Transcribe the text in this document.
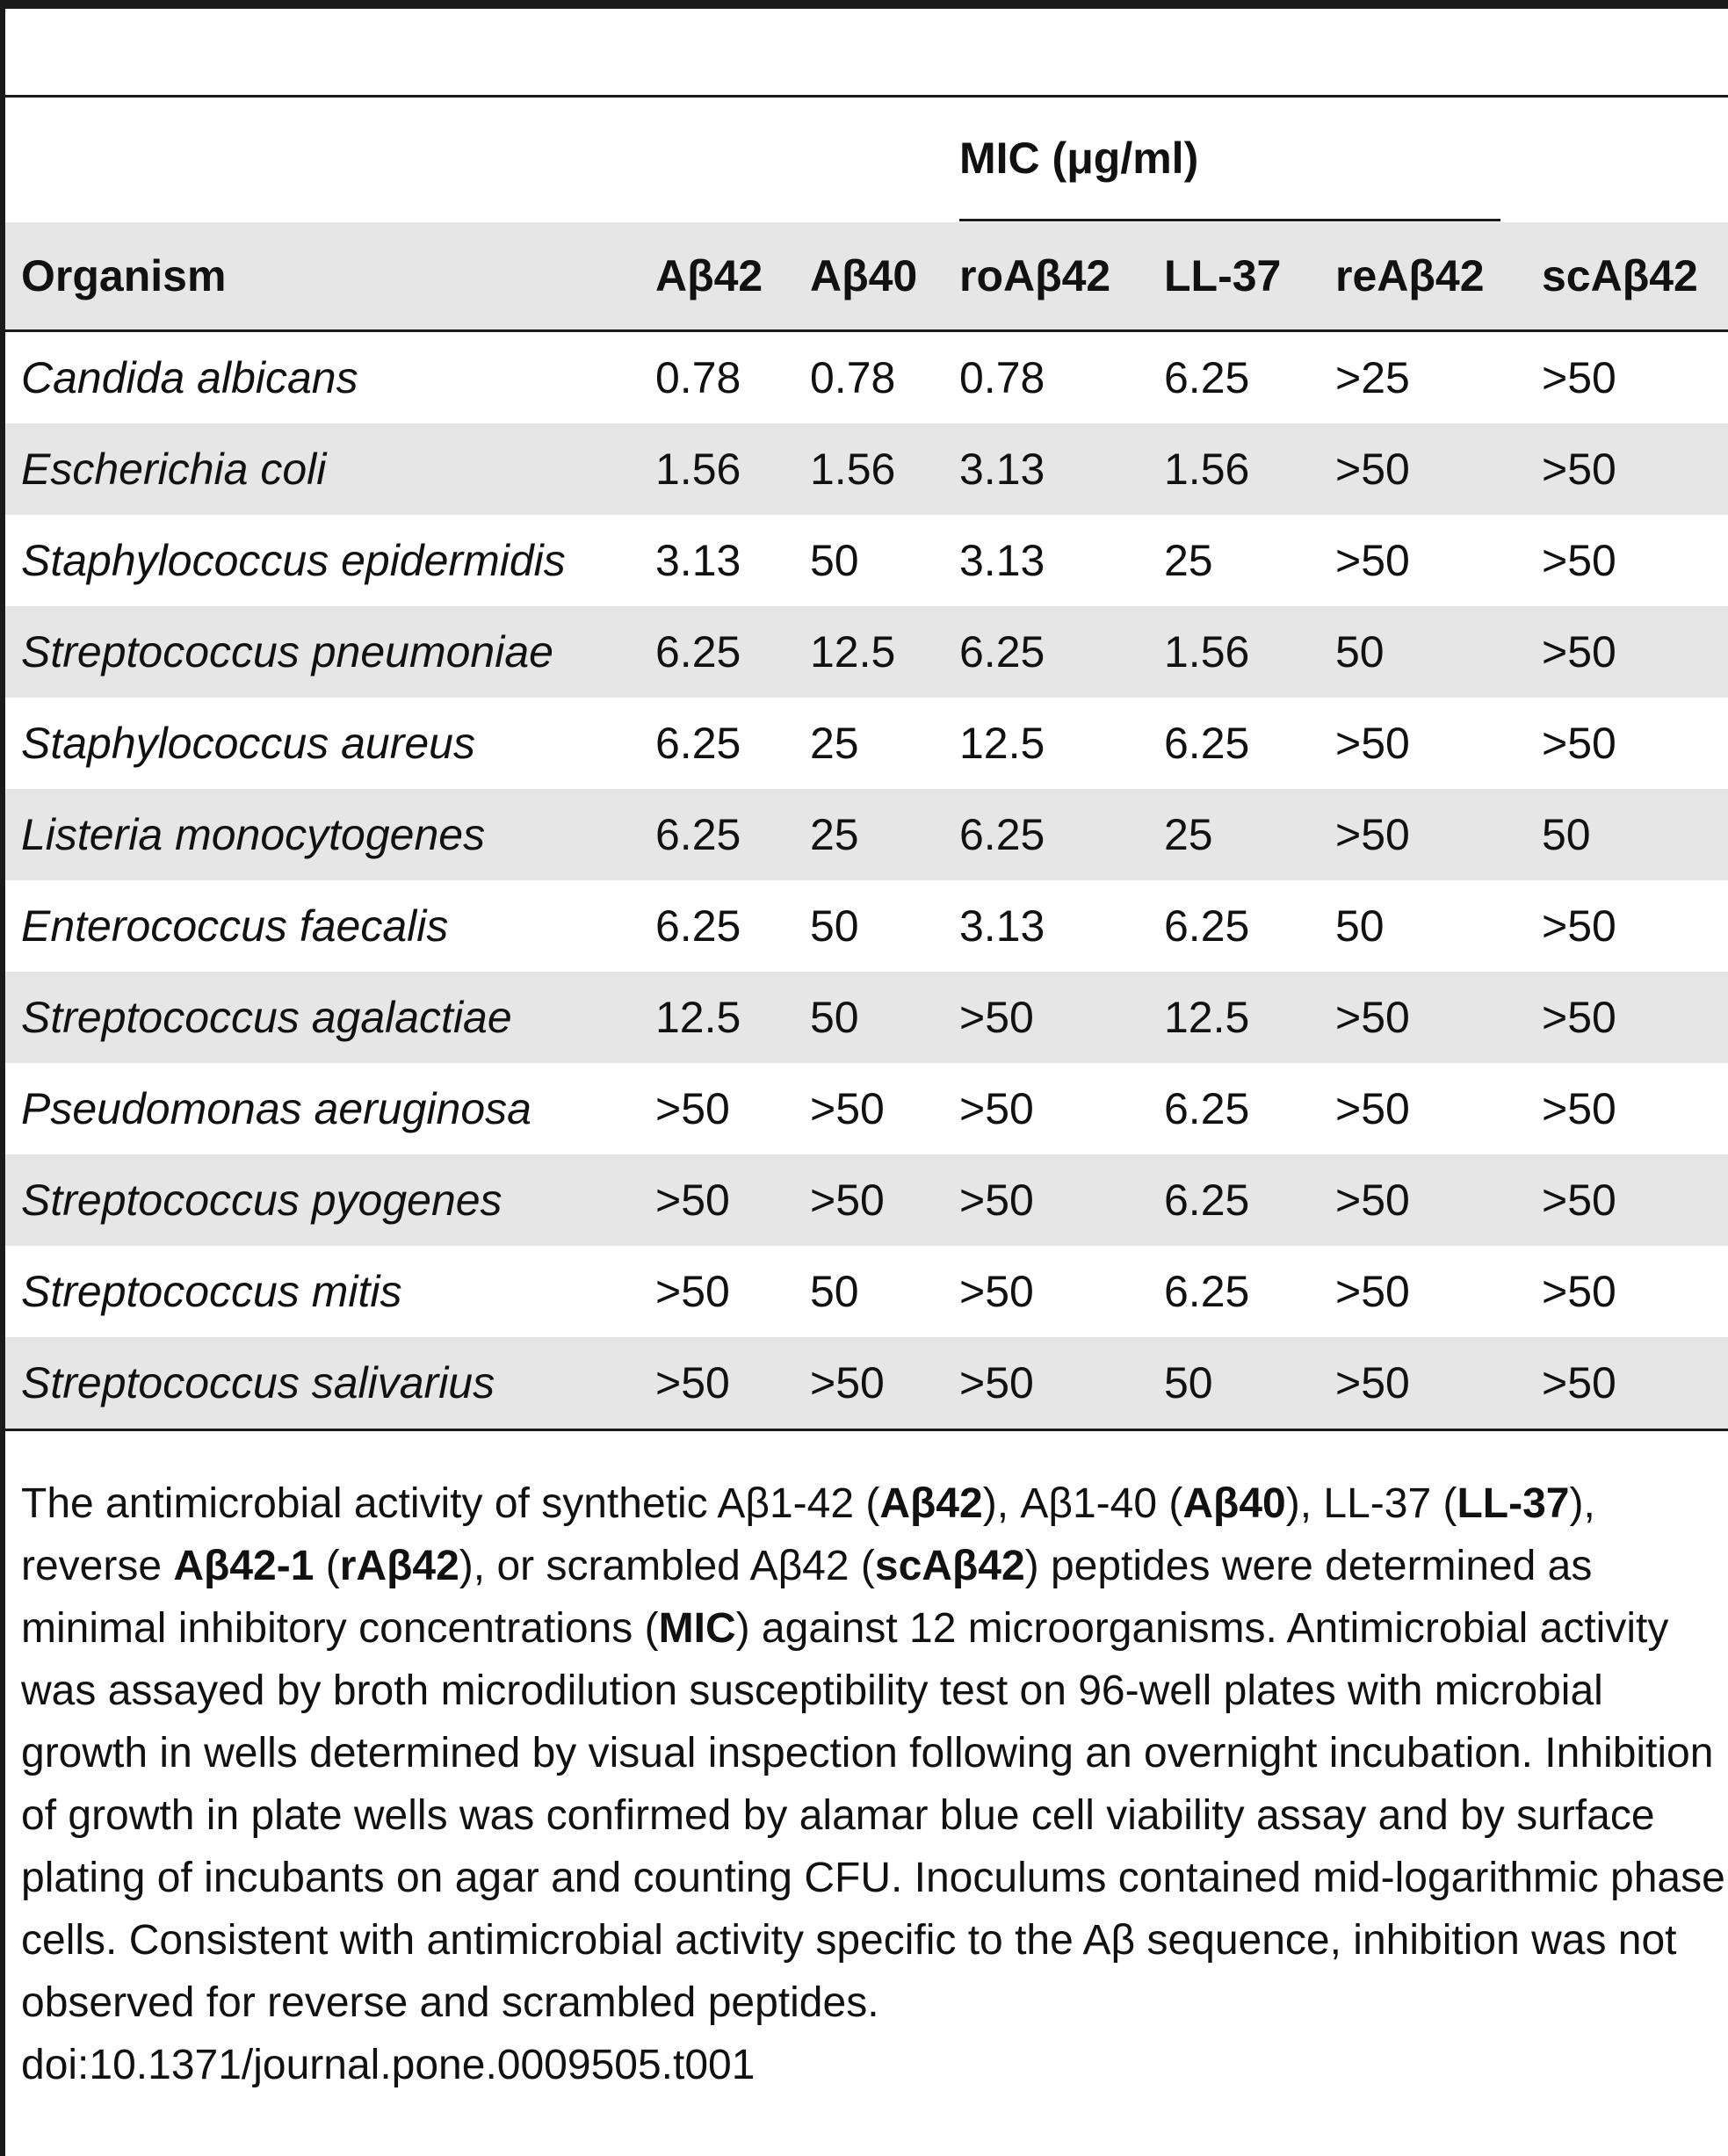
MIC (μg/ml)
Organism	Aβ42	Aβ40	roAβ42	LL-37	reAβ42	scAβ42
Candida albicans	0.78	0.78	0.78	6.25	>25	>50
Escherichia coli	1.56	1.56	3.13	1.56	>50	>50
Staphylococcus epidermidis	3.13	50	3.13	25	>50	>50
Streptococcus pneumoniae	6.25	12.5	6.25	1.56	50	>50
Staphylococcus aureus	6.25	25	12.5	6.25	>50	>50
Listeria monocytogenes	6.25	25	6.25	25	>50	50
Enterococcus faecalis	6.25	50	3.13	6.25	50	>50
Streptococcus agalactiae	12.5	50	>50	12.5	>50	>50
Pseudomonas aeruginosa	>50	>50	>50	6.25	>50	>50
Streptococcus pyogenes	>50	>50	>50	6.25	>50	>50
Streptococcus mitis	>50	50	>50	6.25	>50	>50
Streptococcus salivarius	>50	>50	>50	50	>50	>50
The antimicrobial activity of synthetic Aβ1-42 (Aβ42), Aβ1-40 (Aβ40), LL-37 (LL-37), reverse Aβ42-1 (rAβ42), or scrambled Aβ42 (scAβ42) peptides were determined as minimal inhibitory concentrations (MIC) against 12 microorganisms. Antimicrobial activity was assayed by broth microdilution susceptibility test on 96-well plates with microbial growth in wells determined by visual inspection following an overnight incubation. Inhibition of growth in plate wells was confirmed by alamar blue cell viability assay and by surface plating of incubants on agar and counting CFU. Inoculums contained mid-logarithmic phase cells. Consistent with antimicrobial activity specific to the Aβ sequence, inhibition was not observed for reverse and scrambled peptides.
doi:10.1371/journal.pone.0009505.t001
